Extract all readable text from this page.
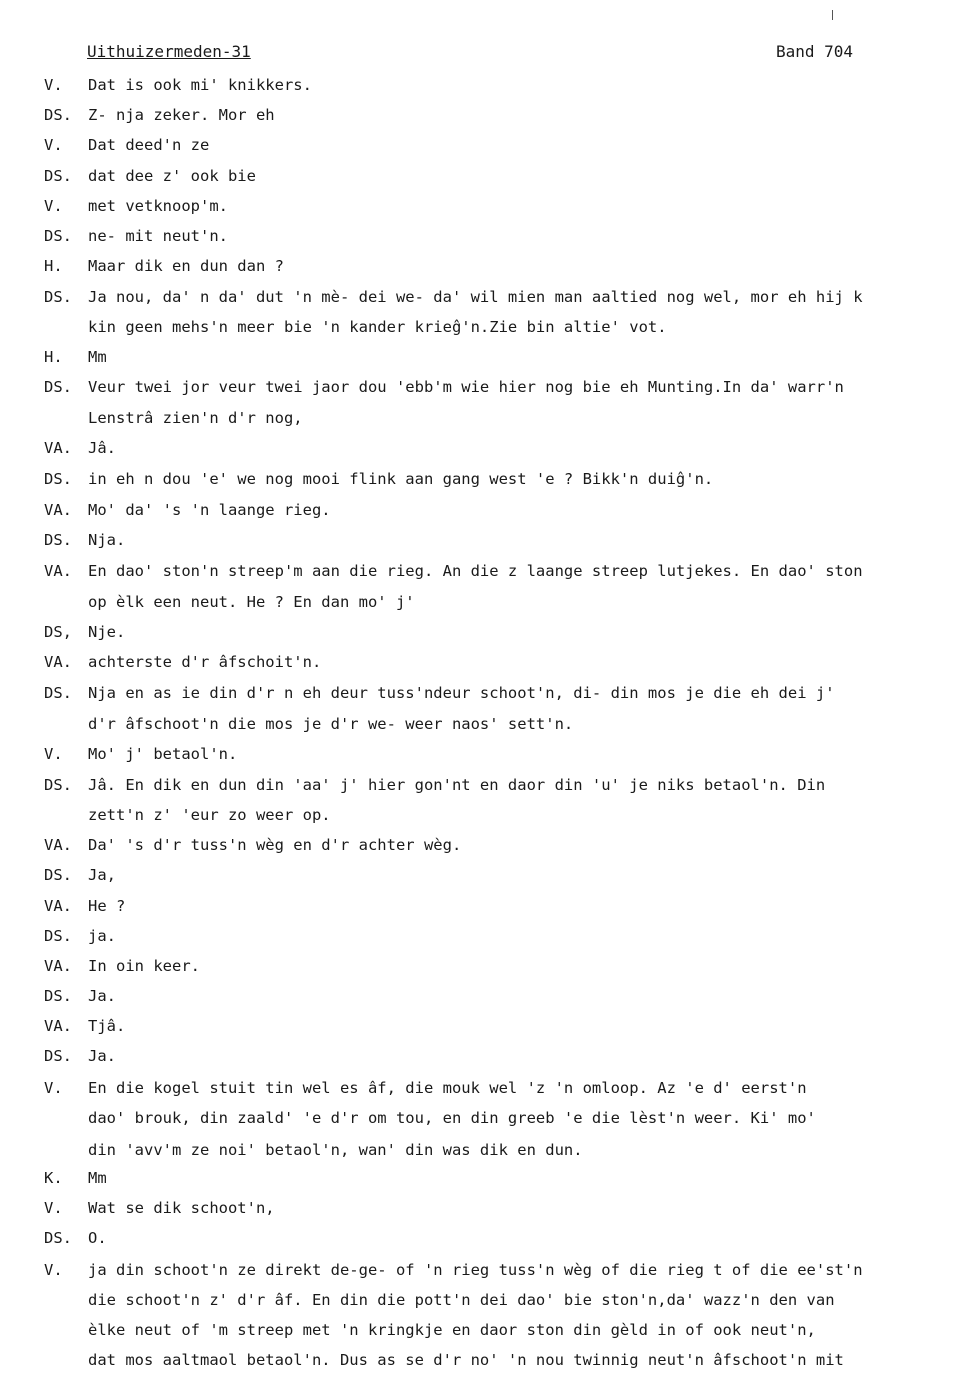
Uithuizermeden-31	Band 704
V.	Dat is ook mi' knikkers.
DS.	Z- nja zeker. Mor eh
V.	Dat deed'n ze
DS.	dat dee z' ook bie
V.	met vetknoop'm.
DS.	ne- mit neut'n.
H.	Maar dik en dun dan ?
DS.	Ja nou, da' n da' dut 'n mè- dei we- da' wil mien man aaltied nog wel, mor eh hij k
kin geen mehs'n meer bie 'n kander krieĝ'n.Zie bin altie' vot.
H.	Mm
DS.	Veur twei jor veur twei jaor dou 'ebb'm wie hier nog bie eh Munting.In da' warr'n
Lenstrâ zien'n d'r nog,
VA.	Jâ.
DS.	in eh n dou 'e' we nog mooi flink aan gang west 'e ? Bikk'n duiĝ'n.
VA.	Mo' da' 's 'n laange rieg.
DS.	Nja.
VA.	En dao' ston'n streep'm aan die rieg. An die z laange streep lutjekes. En dao' ston
op èlk een neut. He ? En dan mo' j'
DS,	Nje.
VA.	achterste d'r âfschoit'n.
DS.	Nja en as ie din d'r n eh deur tuss'ndeur schoot'n, di- din mos je die eh dei j'
d'r âfschoot'n die mos je d'r we- weer naos' sett'n.
V.	Mo' j' betaol'n.
DS.	Jâ. En dik en dun din 'aa' j' hier gon'nt en daor din 'u' je niks betaol'n. Din
zett'n z' 'eur zo weer op.
VA.	Da' 's d'r tuss'n wèg en d'r achter wèg.
DS.	Ja,
VA.	He ?
DS.	ja.
VA.	In oin keer.
DS.	Ja.
VA.	Tjâ.
DS.	Ja.
V.	En die kogel stuit tin wel es âf, die mouk wel 'z 'n omloop. Az 'e d' eerst'n
dao' brouk, din zaald' 'e d'r om tou, en din greeb 'e die lèst'n weer. Ki' mo'
din 'avv'm ze noi' betaol'n, wan' din was dik en dun.
K.	Mm
V.	Wat se dik schoot'n,
DS.	O.
V.	ja din schoot'n ze direkt de-ge- of 'n rieg tuss'n wèg of die rieg t of die ee'st'n
die schoot'n z' d'r âf. En din die pott'n dei dao' bie ston'n,da' wazz'n den van
èlke neut of 'm streep met 'n kringkje en daor ston din gèld in of ook neut'n,
dat mos aaltmaol betaol'n. Dus as se d'r no' 'n nou twinnig neut'n âfschoot'n mit
